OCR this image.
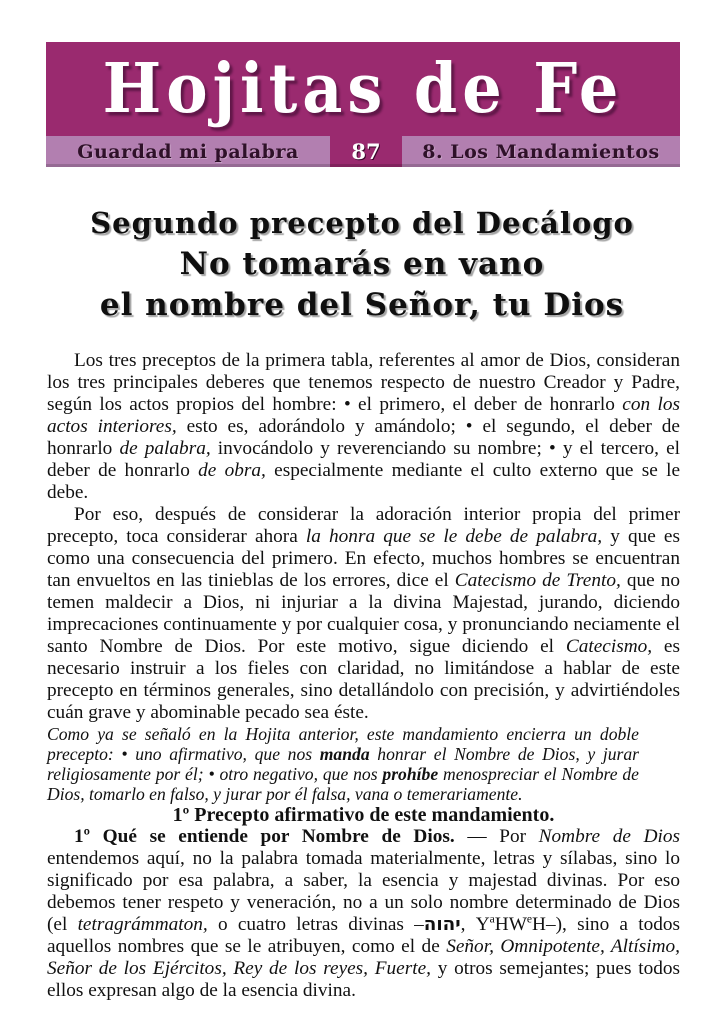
Hojitas de Fe
Guardad mi palabra	87	8. Los Mandamientos
Segundo precepto del Decálogo
No tomarás en vano
el nombre del Señor, tu Dios

Los tres preceptos de la primera tabla, referentes al amor de Dios, consideran los tres principales deberes que tenemos respecto de nuestro Creador y Padre, según los actos propios del hombre: • el primero, el deber de honrarlo con los actos interiores, esto es, adorándolo y amándolo; • el segundo, el deber de honrarlo de palabra, invocándolo y reverenciando su nombre; • y el tercero, el deber de honrarlo de obra, especialmente mediante el culto externo que se le debe.

Por eso, después de considerar la adoración interior propia del primer precepto, toca considerar ahora la honra que se le debe de palabra, y que es como una consecuencia del primero. En efecto, muchos hombres se encuentran tan envueltos en las tinieblas de los errores, dice el Catecismo de Trento, que no temen maldecir a Dios, ni injuriar a la divina Majestad, jurando, diciendo imprecaciones continuamente y por cualquier cosa, y pronunciando neciamente el santo Nombre de Dios. Por este motivo, sigue diciendo el Catecismo, es necesario instruir a los fieles con claridad, no limitándose a hablar de este precepto en términos generales, sino detallándolo con precisión, y advirtiéndoles cuán grave y abominable pecado sea éste.

Como ya se señaló en la Hojita anterior, este mandamiento encierra un doble precepto: • uno afirmativo, que nos manda honrar el Nombre de Dios, y jurar religiosamente por él; • otro negativo, que nos prohíbe menospreciar el Nombre de Dios, tomarlo en falso, y jurar por él falsa, vana o temerariamente.

1º Precepto afirmativo de este mandamiento.

1º Qué se entiende por Nombre de Dios. — Por Nombre de Dios entendemos aquí, no la palabra tomada materialmente, letras y sílabas, sino lo significado por esa palabra, a saber, la esencia y majestad divinas. Por eso debemos tener respeto y veneración, no a un solo nombre determinado de Dios (el tetragrámmaton, o cuatro letras divinas –יהוה, $Y^aHW^eH-$), sino a todos aquellos nombres que se le atribuyen, como el de Señor, Omnipotente, Altísimo, Señor de los Ejércitos, Rey de los reyes, Fuerte, y otros semejantes; pues todos ellos expresan algo de la esencia divina.
